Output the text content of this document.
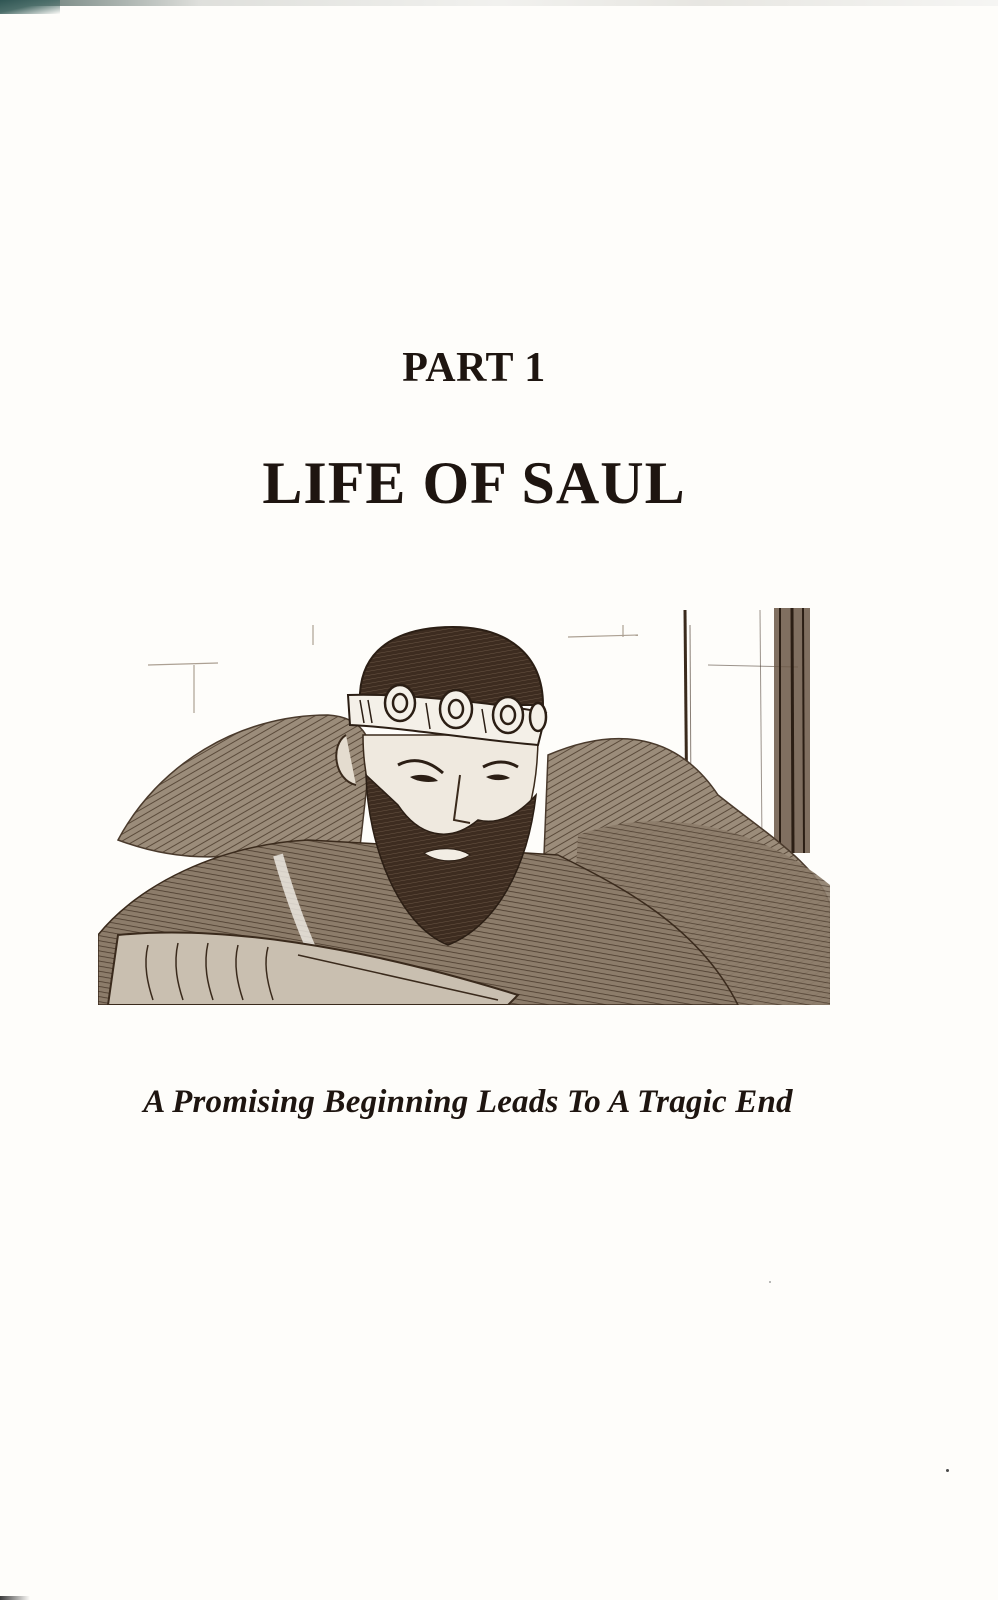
PART 1
LIFE OF SAUL
A Promising Beginning Leads To A Tragic End
